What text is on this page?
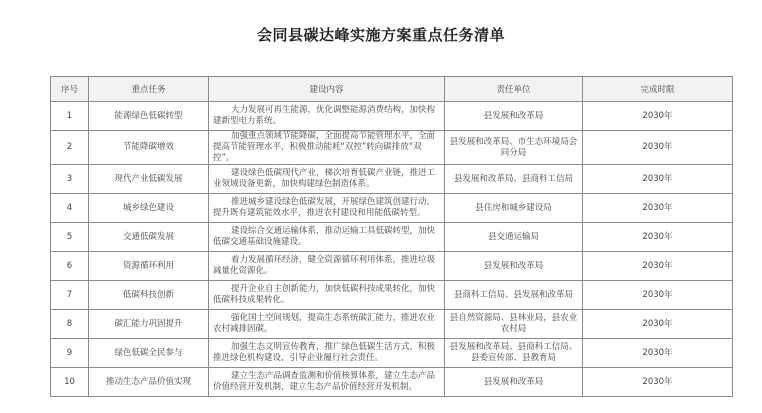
会同县碳达峰实施方案重点任务清单
序号	重点任务	建设内容	责任单位	完成时限
1	能源绿色低碳转型	大力发展可再生能源，优化调整能源消费结构，加快构建新型电力系统。	县发展和改革局	2030年
2	节能降碳增效	加强重点领域节能降碳，全面提高节能管理水平，全面提高节能管理水平，积极推动能耗“双控”转向碳排放“双控”。	县发展和改革局、市生态环境局会同分局	2030年
3	现代产业低碳发展	建设绿色低碳现代产业，梯次培育低碳产业链，推进工业领域设备更新，加快构建绿色制造体系。	县发展和改革局、县商科工信局	2030年
4	城乡绿色建设	推进城乡建设绿色低碳发展，开展绿色建筑创建行动，提升既有建筑能效水平，推进农村建设和用能低碳转型。	县住房和城乡建设局	2030年
5	交通低碳发展	建设综合交通运输体系，推动运输工具低碳转型，加快低碳交通基础设施建设。	县交通运输局	2030年
6	资源循环利用	着力发展循环经济，健全资源循环利用体系，推进垃圾减量化资源化。	县发展和改革局	2030年
7	低碳科技创新	提升企业自主创新能力，加快低碳科技成果转化，加快低碳科技成果转化。	县商科工信局、县发展和改革局	2030年
8	碳汇能力巩固提升	强化国土空间规划，提高生态系统碳汇能力，推进农业农村减排固碳。	县自然资源局、县林业局，县农业农村局	2030年
9	绿色低碳全民参与	加强生态文明宣传教育，推广绿色低碳生活方式，积极推进绿色机构建设，引导企业履行社会责任。	县发展和改革局、县商科工信局、县委宣传部、县教育局	2030年
10	推动生态产品价值实现	建立生态产品调查监测和价值核算体系，建立生态产品价值经营开发机制，建立生态产品价值经营开发机制。	县发展和改革局	2030年
